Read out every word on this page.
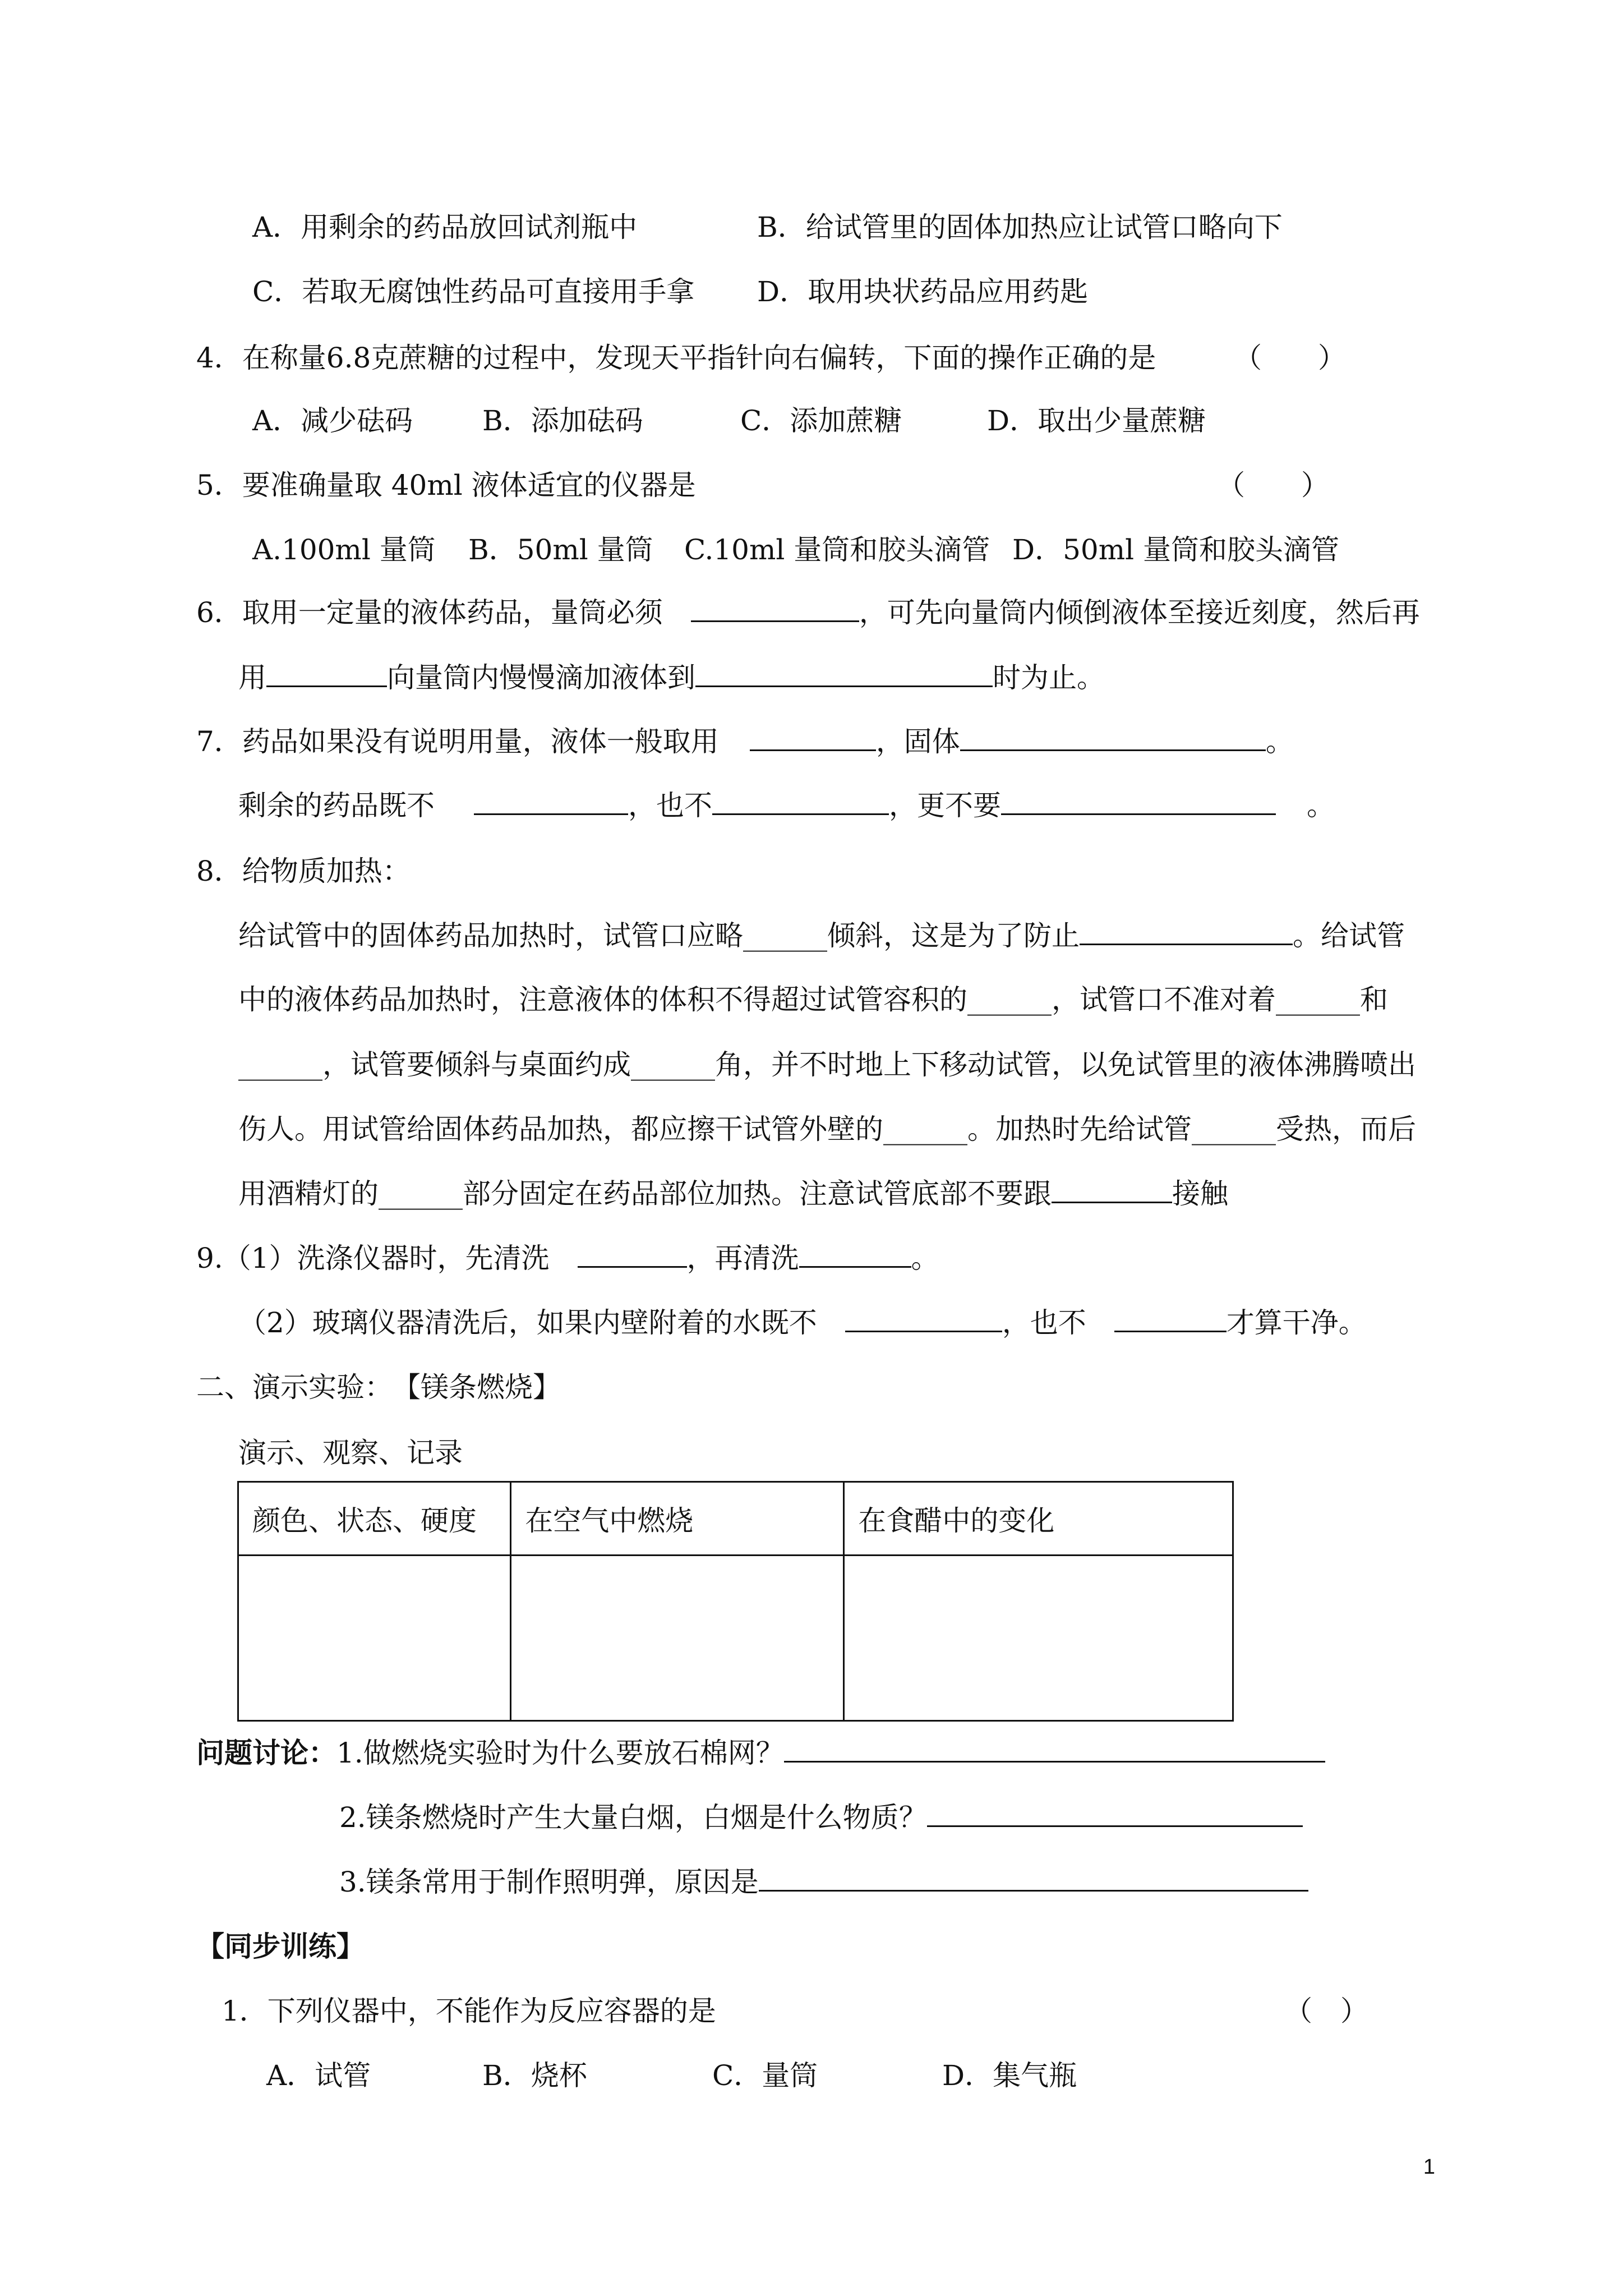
A．用剩余的药品放回试剂瓶中	B．给试管里的固体加热应让试管口略向下
C．若取无腐蚀性药品可直接用手拿 D．取用块状药品应用药匙
4．在称量6.8克蔗糖的过程中，发现天平指针向右偏转，下面的操作正确的是	（　　）
A．减少砝码 B．添加砝码	C．添加蔗糖	D．取出少量蔗糖
5．要准确量取 40ml 液体适宜的仪器是	（　　）
A.100ml 量筒 B．50ml 量筒 C.10ml 量筒和胶头滴管 D．50ml 量筒和胶头滴管
6．取用一定量的液体药品，量筒必须	，可先向量筒内倾倒液体至接近刻度，然后再
用	向量筒内慢慢滴加液体到	时为止。
7．药品如果没有说明用量，液体一般取用	，固体	。
剩余的药品既不	，也不	，更不要	。
8．给物质加热：
给试管中的固体药品加热时，试管口应略______倾斜，这是为了防止	。给试管
中的液体药品加热时，注意液体的体积不得超过试管容积的______，试管口不准对着______和
______，试管要倾斜与桌面约成______角，并不时地上下移动试管，以免试管里的液体沸腾喷出
伤人。用试管给固体药品加热，都应擦干试管外壁的______。加热时先给试管______受热，而后
用酒精灯的______部分固定在药品部位加热。注意试管底部不要跟	接触
9.（1）洗涤仪器时，先清洗	，再清洗	。
（2）玻璃仪器清洗后，如果内壁附着的水既不	，也不	才算干净。
二、演示实验：　【镁条燃烧】
演示、观察、记录
颜色、状态、硬度	在空气中燃烧	在食醋中的变化

问题讨论：1.做燃烧实验时为什么要放石棉网？
2.镁条燃烧时产生大量白烟，白烟是什么物质？
3.镁条常用于制作照明弹，原因是
【同步训练】
1．下列仪器中，不能作为反应容器的是	（　）
A．试管	B．烧杯	C．量筒	D．集气瓶
1
